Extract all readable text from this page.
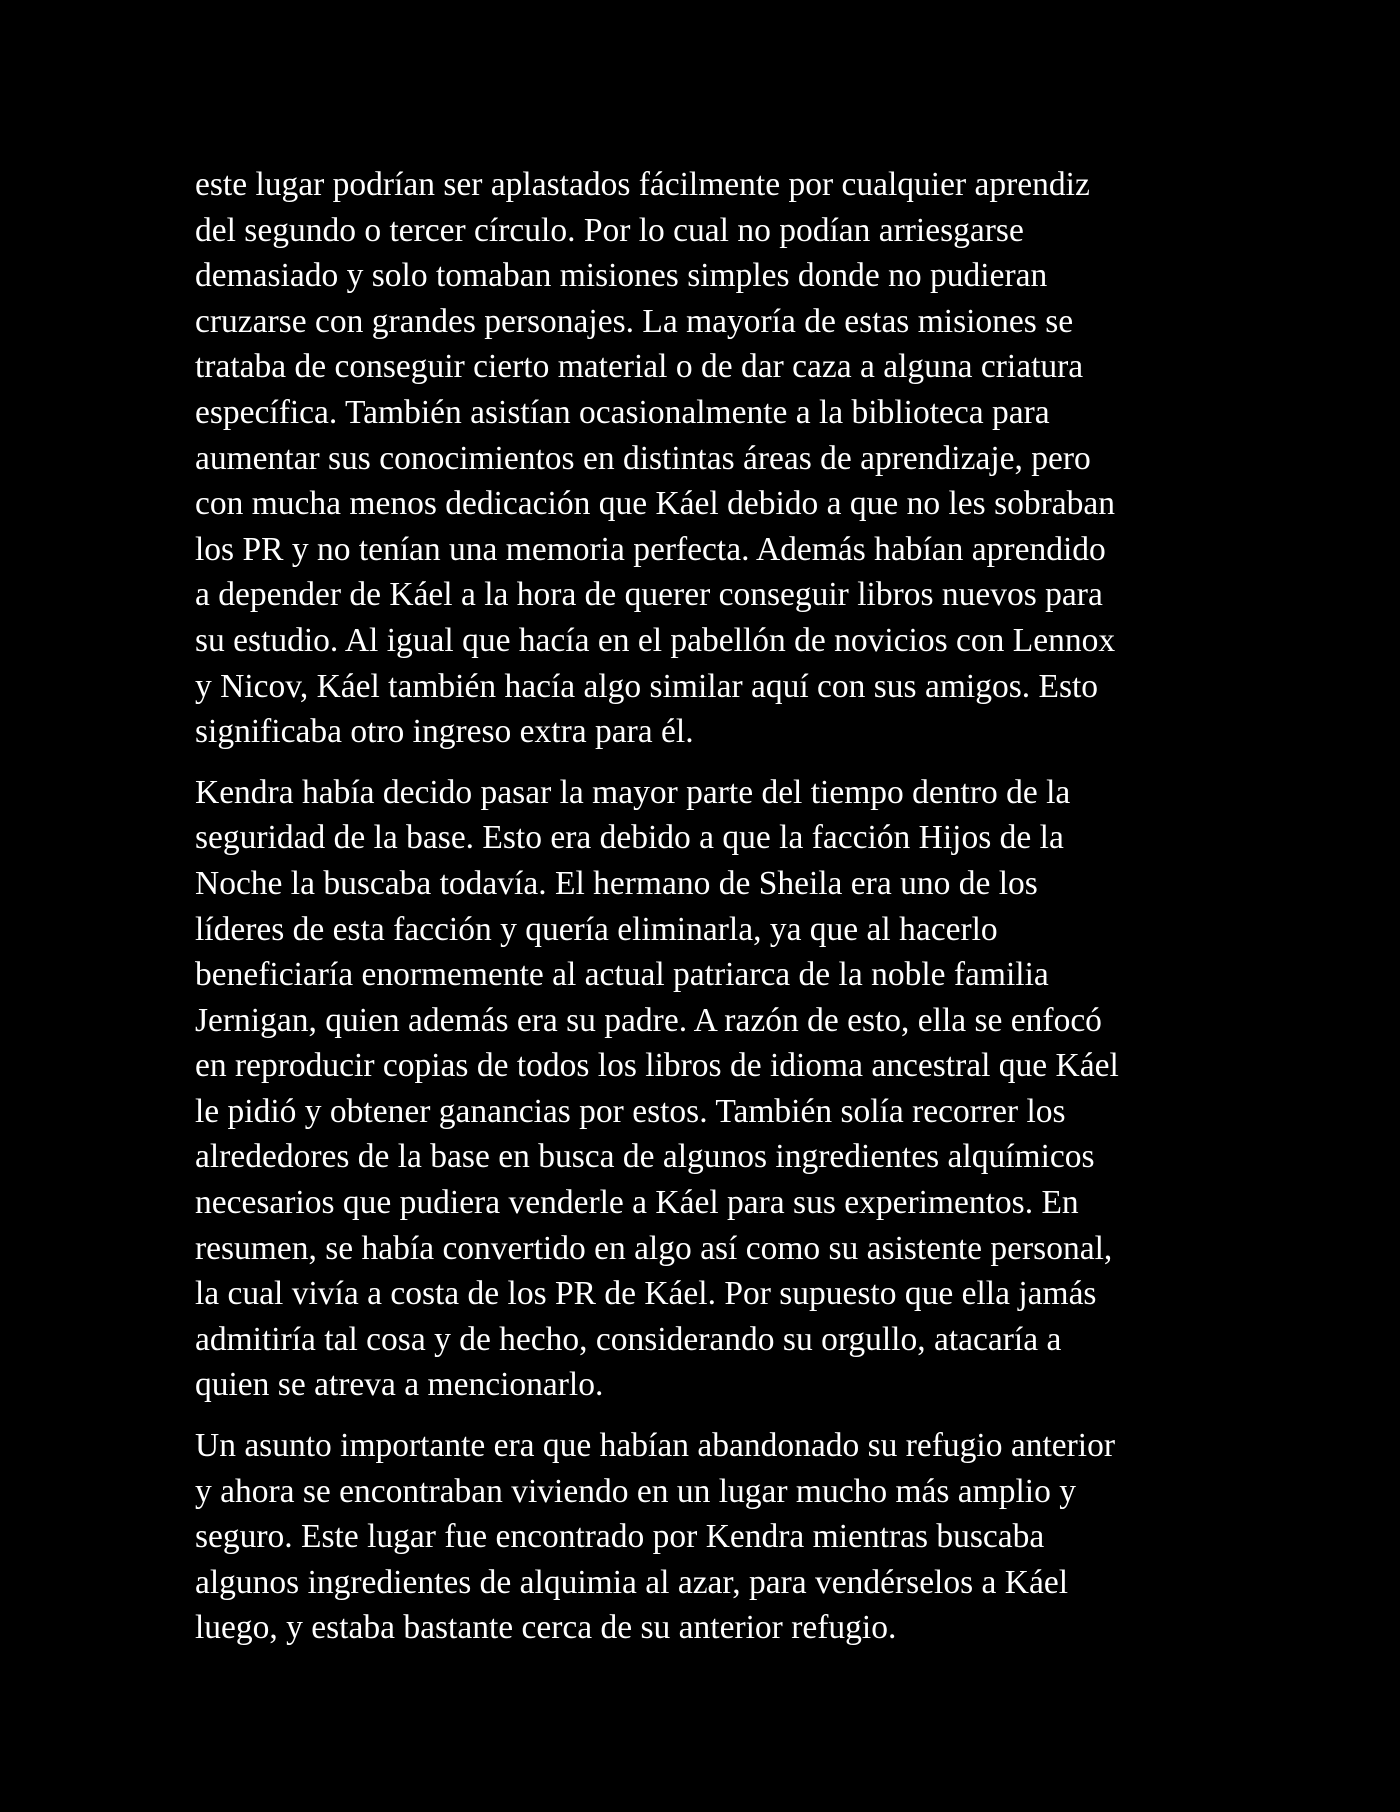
este lugar podrían ser aplastados fácilmente por cualquier aprendiz
del segundo o tercer círculo. Por lo cual no podían arriesgarse
demasiado y solo tomaban misiones simples donde no pudieran
cruzarse con grandes personajes. La mayoría de estas misiones se
trataba de conseguir cierto material o de dar caza a alguna criatura
específica. También asistían ocasionalmente a la biblioteca para
aumentar sus conocimientos en distintas áreas de aprendizaje, pero
con mucha menos dedicación que Káel debido a que no les sobraban
los PR y no tenían una memoria perfecta. Además habían aprendido
a depender de Káel a la hora de querer conseguir libros nuevos para
su estudio. Al igual que hacía en el pabellón de novicios con Lennox
y Nicov, Káel también hacía algo similar aquí con sus amigos. Esto
significaba otro ingreso extra para él.

Kendra había decido pasar la mayor parte del tiempo dentro de la
seguridad de la base. Esto era debido a que la facción Hijos de la
Noche la buscaba todavía. El hermano de Sheila era uno de los
líderes de esta facción y quería eliminarla, ya que al hacerlo
beneficiaría enormemente al actual patriarca de la noble familia
Jernigan, quien además era su padre. A razón de esto, ella se enfocó
en reproducir copias de todos los libros de idioma ancestral que Káel
le pidió y obtener ganancias por estos. También solía recorrer los
alrededores de la base en busca de algunos ingredientes alquímicos
necesarios que pudiera venderle a Káel para sus experimentos. En
resumen, se había convertido en algo así como su asistente personal,
la cual vivía a costa de los PR de Káel. Por supuesto que ella jamás
admitiría tal cosa y de hecho, considerando su orgullo, atacaría a
quien se atreva a mencionarlo.

Un asunto importante era que habían abandonado su refugio anterior
y ahora se encontraban viviendo en un lugar mucho más amplio y
seguro. Este lugar fue encontrado por Kendra mientras buscaba
algunos ingredientes de alquimia al azar, para vendérselos a Káel
luego, y estaba bastante cerca de su anterior refugio.
